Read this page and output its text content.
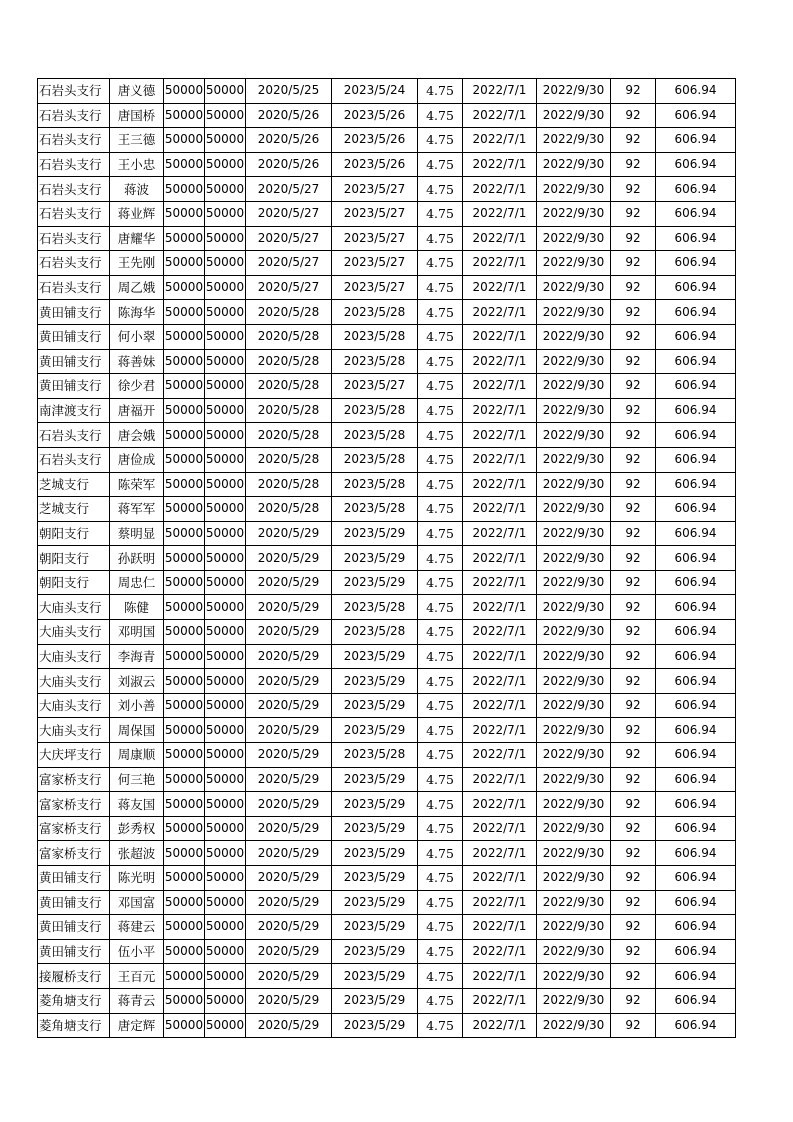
石岩头支行	唐义德	50000	50000	2020/5/25	2023/5/24	4.75	2022/7/1	2022/9/30	92	606.94
石岩头支行	唐国桥	50000	50000	2020/5/26	2023/5/26	4.75	2022/7/1	2022/9/30	92	606.94
石岩头支行	王三德	50000	50000	2020/5/26	2023/5/26	4.75	2022/7/1	2022/9/30	92	606.94
石岩头支行	王小忠	50000	50000	2020/5/26	2023/5/26	4.75	2022/7/1	2022/9/30	92	606.94
石岩头支行	蒋波	50000	50000	2020/5/27	2023/5/27	4.75	2022/7/1	2022/9/30	92	606.94
石岩头支行	蒋业辉	50000	50000	2020/5/27	2023/5/27	4.75	2022/7/1	2022/9/30	92	606.94
石岩头支行	唐耀华	50000	50000	2020/5/27	2023/5/27	4.75	2022/7/1	2022/9/30	92	606.94
石岩头支行	王先刚	50000	50000	2020/5/27	2023/5/27	4.75	2022/7/1	2022/9/30	92	606.94
石岩头支行	周乙娥	50000	50000	2020/5/27	2023/5/27	4.75	2022/7/1	2022/9/30	92	606.94
黄田铺支行	陈海华	50000	50000	2020/5/28	2023/5/28	4.75	2022/7/1	2022/9/30	92	606.94
黄田铺支行	何小翠	50000	50000	2020/5/28	2023/5/28	4.75	2022/7/1	2022/9/30	92	606.94
黄田铺支行	蒋善妹	50000	50000	2020/5/28	2023/5/28	4.75	2022/7/1	2022/9/30	92	606.94
黄田铺支行	徐少君	50000	50000	2020/5/28	2023/5/27	4.75	2022/7/1	2022/9/30	92	606.94
南津渡支行	唐福开	50000	50000	2020/5/28	2023/5/28	4.75	2022/7/1	2022/9/30	92	606.94
石岩头支行	唐会娥	50000	50000	2020/5/28	2023/5/28	4.75	2022/7/1	2022/9/30	92	606.94
石岩头支行	唐俭成	50000	50000	2020/5/28	2023/5/28	4.75	2022/7/1	2022/9/30	92	606.94
芝城支行	陈荣军	50000	50000	2020/5/28	2023/5/28	4.75	2022/7/1	2022/9/30	92	606.94
芝城支行	蒋军军	50000	50000	2020/5/28	2023/5/28	4.75	2022/7/1	2022/9/30	92	606.94
朝阳支行	蔡明显	50000	50000	2020/5/29	2023/5/29	4.75	2022/7/1	2022/9/30	92	606.94
朝阳支行	孙跃明	50000	50000	2020/5/29	2023/5/29	4.75	2022/7/1	2022/9/30	92	606.94
朝阳支行	周忠仁	50000	50000	2020/5/29	2023/5/29	4.75	2022/7/1	2022/9/30	92	606.94
大庙头支行	陈健	50000	50000	2020/5/29	2023/5/28	4.75	2022/7/1	2022/9/30	92	606.94
大庙头支行	邓明国	50000	50000	2020/5/29	2023/5/28	4.75	2022/7/1	2022/9/30	92	606.94
大庙头支行	李海青	50000	50000	2020/5/29	2023/5/29	4.75	2022/7/1	2022/9/30	92	606.94
大庙头支行	刘淑云	50000	50000	2020/5/29	2023/5/29	4.75	2022/7/1	2022/9/30	92	606.94
大庙头支行	刘小善	50000	50000	2020/5/29	2023/5/29	4.75	2022/7/1	2022/9/30	92	606.94
大庙头支行	周保国	50000	50000	2020/5/29	2023/5/29	4.75	2022/7/1	2022/9/30	92	606.94
大庆坪支行	周康顺	50000	50000	2020/5/29	2023/5/28	4.75	2022/7/1	2022/9/30	92	606.94
富家桥支行	何三艳	50000	50000	2020/5/29	2023/5/29	4.75	2022/7/1	2022/9/30	92	606.94
富家桥支行	蒋友国	50000	50000	2020/5/29	2023/5/29	4.75	2022/7/1	2022/9/30	92	606.94
富家桥支行	彭秀权	50000	50000	2020/5/29	2023/5/29	4.75	2022/7/1	2022/9/30	92	606.94
富家桥支行	张超波	50000	50000	2020/5/29	2023/5/29	4.75	2022/7/1	2022/9/30	92	606.94
黄田铺支行	陈光明	50000	50000	2020/5/29	2023/5/29	4.75	2022/7/1	2022/9/30	92	606.94
黄田铺支行	邓国富	50000	50000	2020/5/29	2023/5/29	4.75	2022/7/1	2022/9/30	92	606.94
黄田铺支行	蒋建云	50000	50000	2020/5/29	2023/5/29	4.75	2022/7/1	2022/9/30	92	606.94
黄田铺支行	伍小平	50000	50000	2020/5/29	2023/5/29	4.75	2022/7/1	2022/9/30	92	606.94
接履桥支行	王百元	50000	50000	2020/5/29	2023/5/29	4.75	2022/7/1	2022/9/30	92	606.94
菱角塘支行	蒋青云	50000	50000	2020/5/29	2023/5/29	4.75	2022/7/1	2022/9/30	92	606.94
菱角塘支行	唐定辉	50000	50000	2020/5/29	2023/5/29	4.75	2022/7/1	2022/9/30	92	606.94
